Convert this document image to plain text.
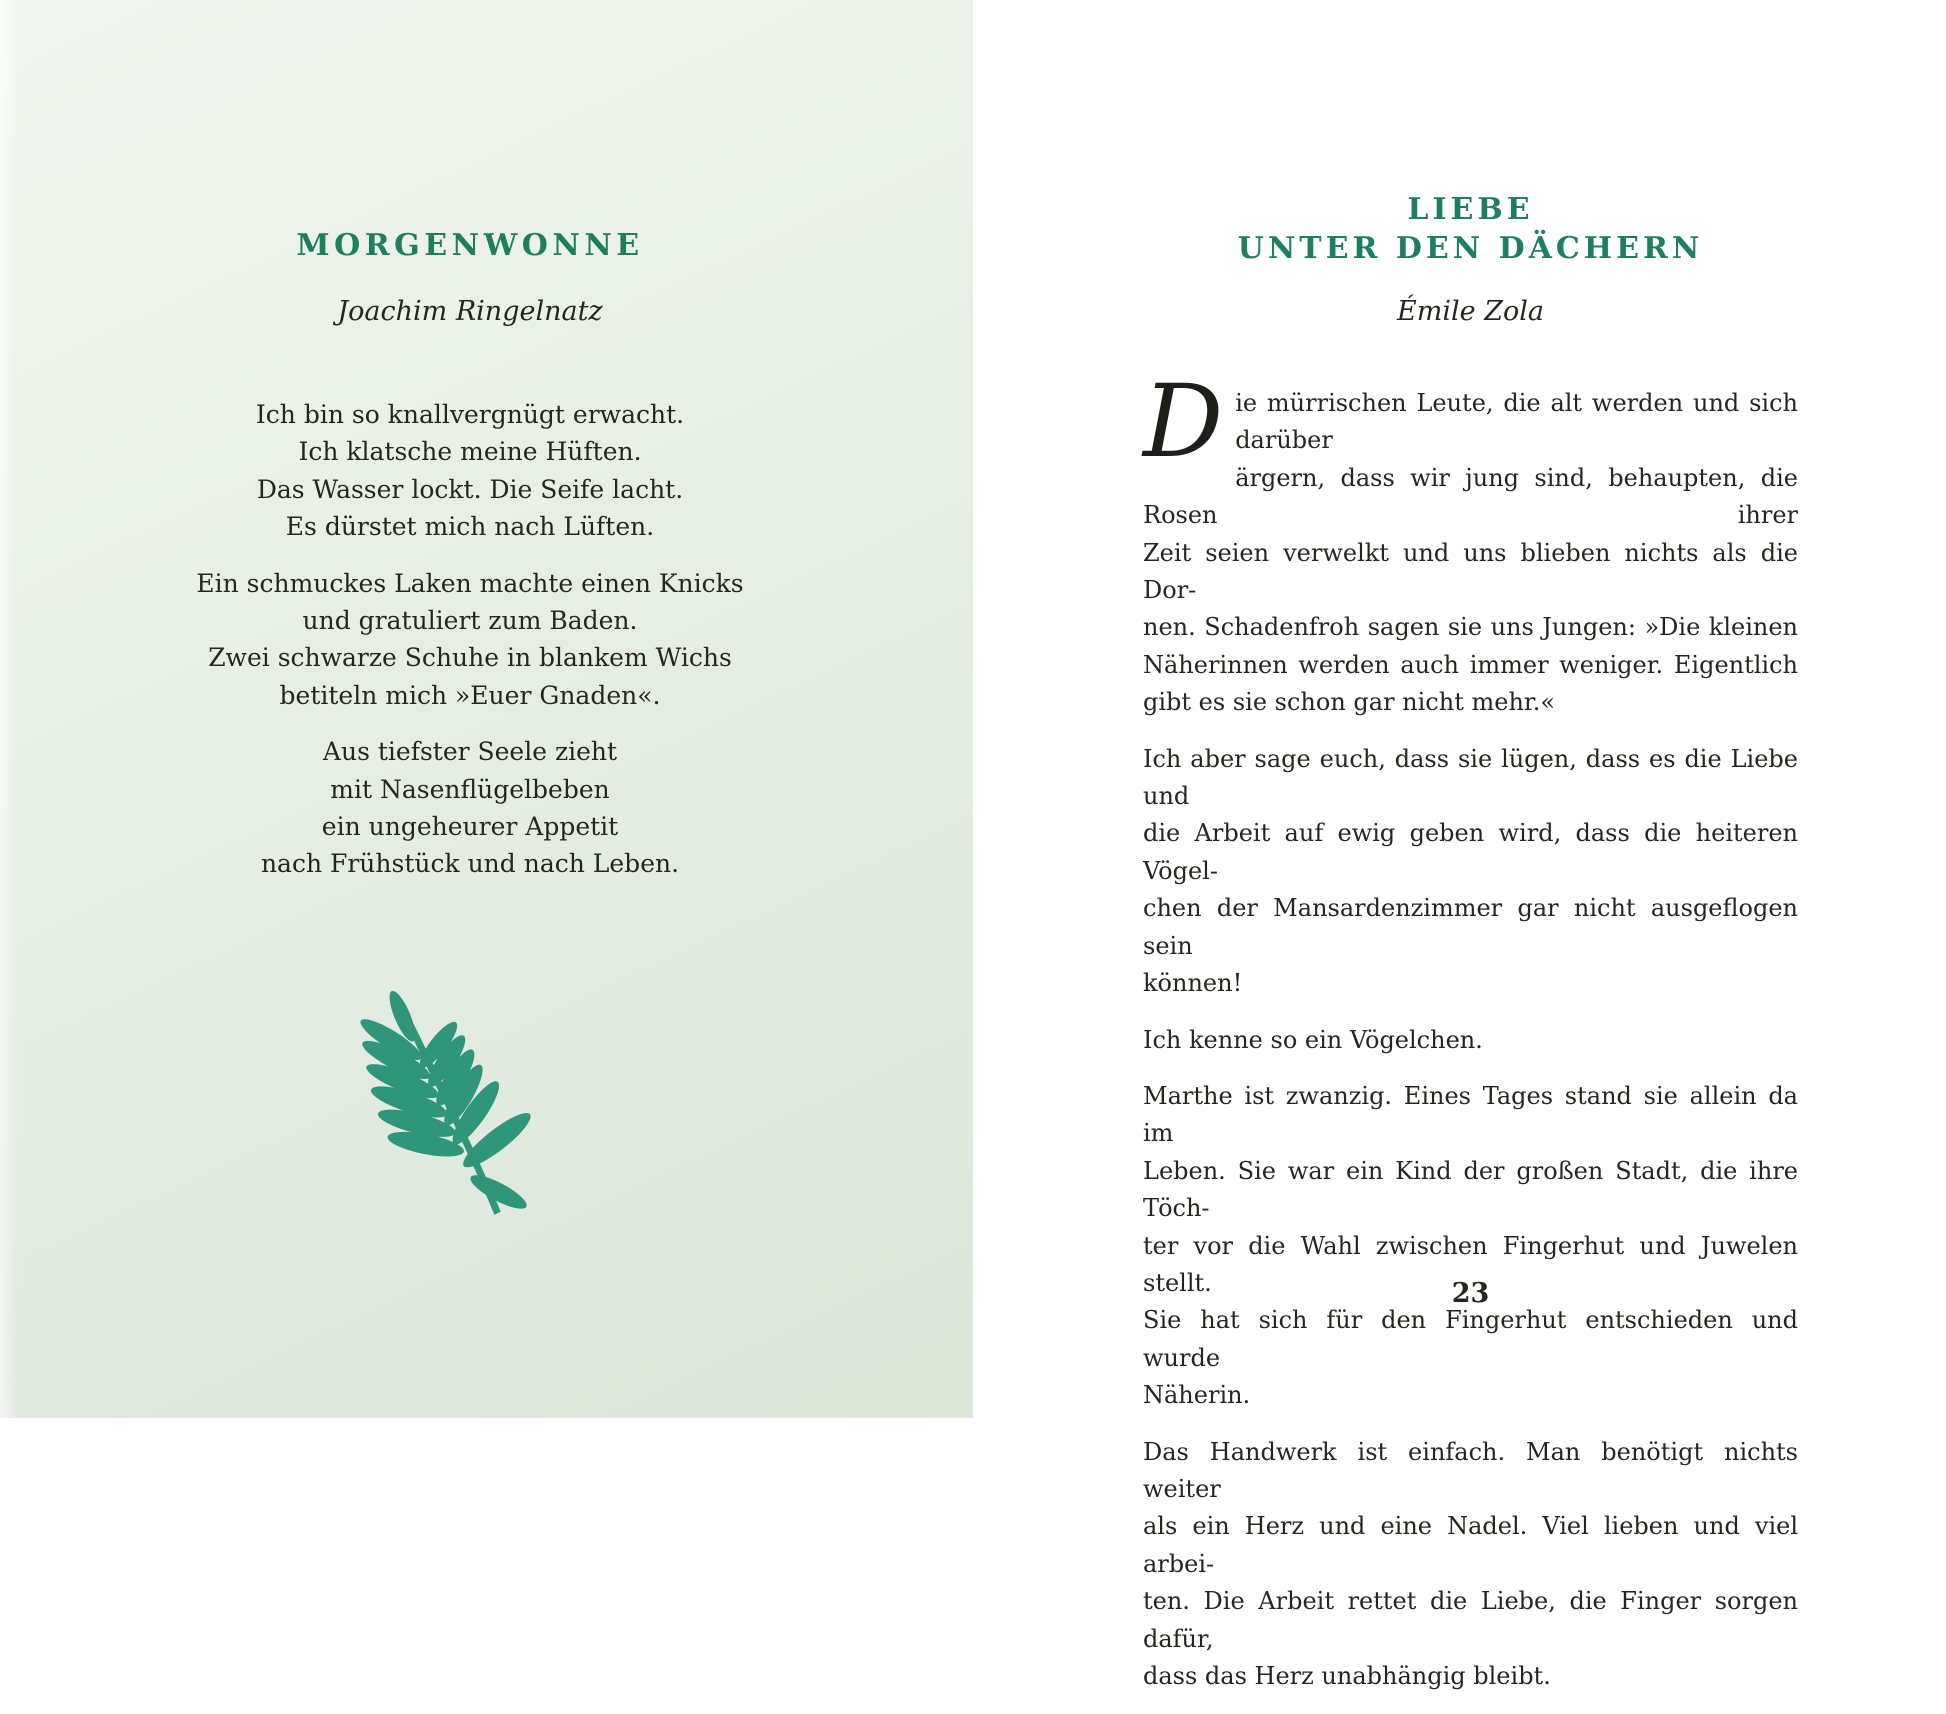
MORGENWONNE
Joachim Ringelnatz
Ich bin so knallvergnügt erwacht.
Ich klatsche meine Hüften.
Das Wasser lockt. Die Seife lacht.
Es dürstet mich nach Lüften.
Ein schmuckes Laken machte einen Knicks
und gratuliert zum Baden.
Zwei schwarze Schuhe in blankem Wichs
betiteln mich »Euer Gnaden«.
Aus tiefster Seele zieht
mit Nasenflügelbeben
ein ungeheurer Appetit
nach Frühstück und nach Leben.
LIEBE
UNTER DEN DÄCHERN
Émile Zola
D ie mürrischen Leute, die alt werden und sich darüber
ärgern, dass wir jung sind, behaupten, die Rosen ihrer
Zeit seien verwelkt und uns blieben nichts als die Dor-
nen. Schadenfroh sagen sie uns Jungen: »Die kleinen
Näherinnen werden auch immer weniger. Eigentlich
gibt es sie schon gar nicht mehr.«
Ich aber sage euch, dass sie lügen, dass es die Liebe und
die Arbeit auf ewig geben wird, dass die heiteren Vögel-
chen der Mansardenzimmer gar nicht ausgeflogen sein
können!
Ich kenne so ein Vögelchen.
Marthe ist zwanzig. Eines Tages stand sie allein da im
Leben. Sie war ein Kind der großen Stadt, die ihre Töch-
ter vor die Wahl zwischen Fingerhut und Juwelen stellt.
Sie hat sich für den Fingerhut entschieden und wurde
Näherin.
Das Handwerk ist einfach. Man benötigt nichts weiter
als ein Herz und eine Nadel. Viel lieben und viel arbei-
ten. Die Arbeit rettet die Liebe, die Finger sorgen dafür,
dass das Herz unabhängig bleibt.
23
